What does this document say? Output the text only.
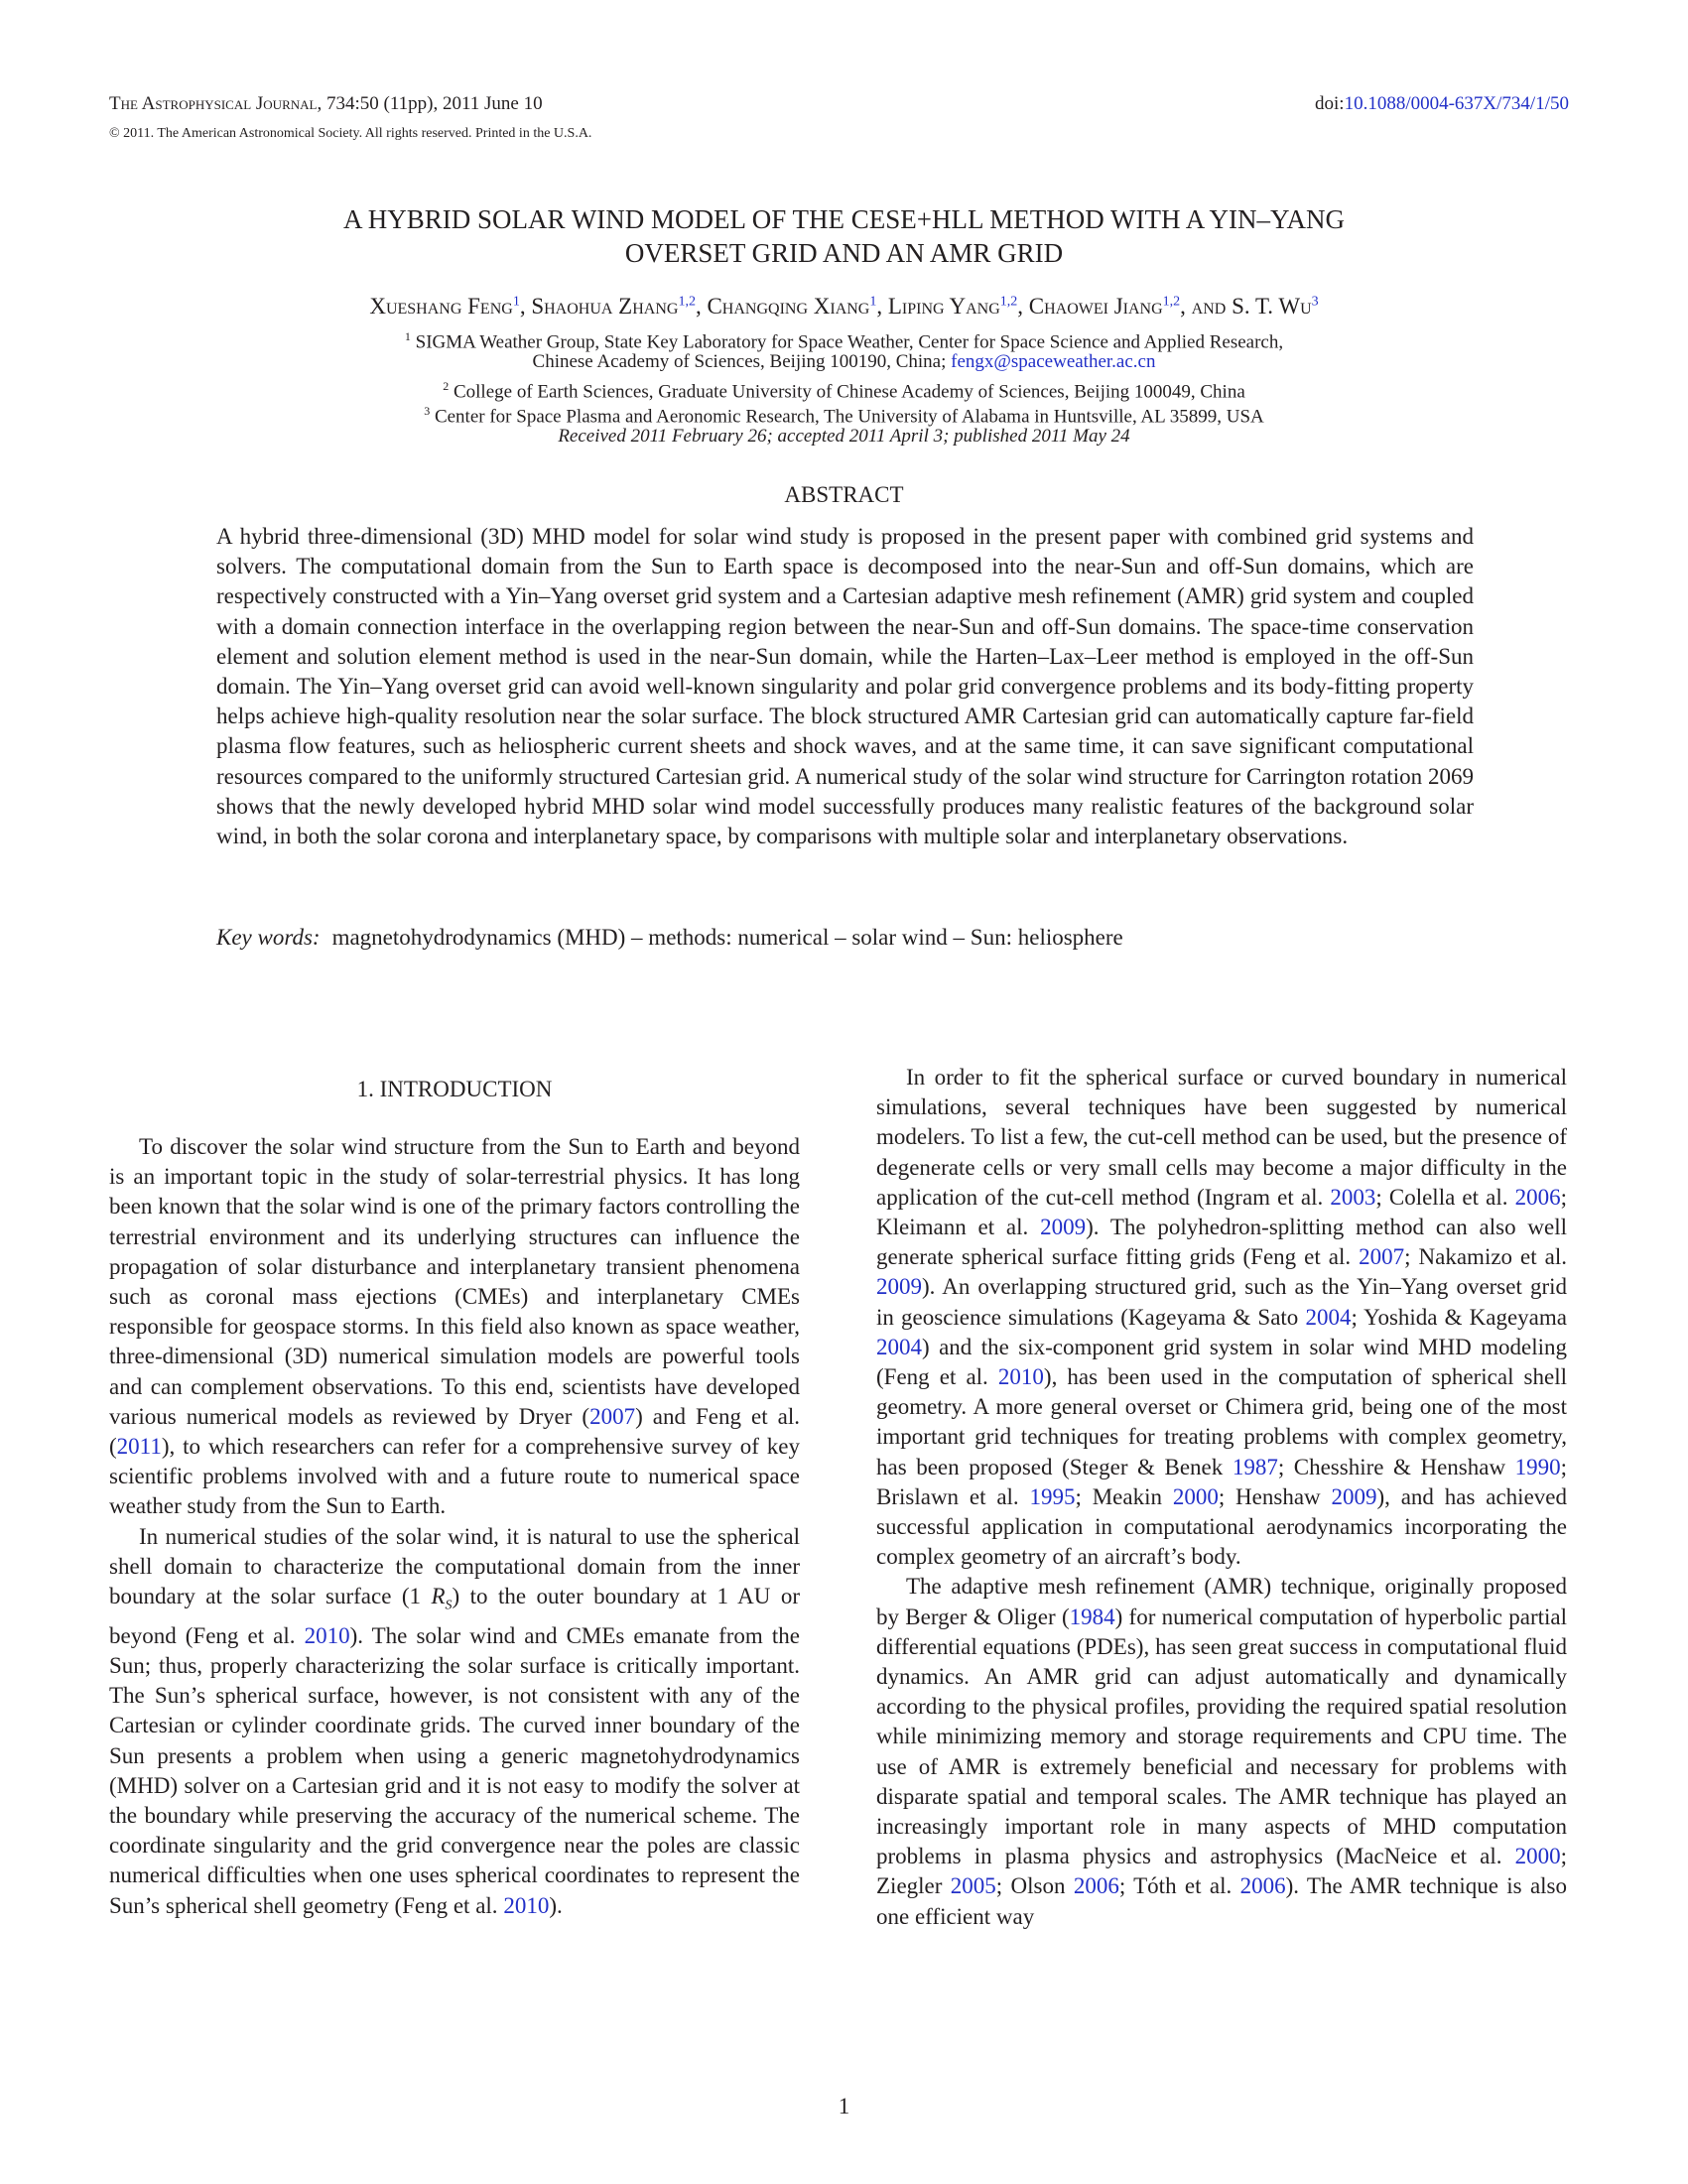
The Astrophysical Journal, 734:50 (11pp), 2011 June 10	doi:10.1088/0004-637X/734/1/50
© 2011. The American Astronomical Society. All rights reserved. Printed in the U.S.A.
A HYBRID SOLAR WIND MODEL OF THE CESE+HLL METHOD WITH A YIN–YANG
OVERSET GRID AND AN AMR GRID
Xueshang Feng$^1$, Shaohua Zhang$^{1,2}$, Changqing Xiang$^1$, Liping Yang$^{1,2}$, Chaowei Jiang$^{1,2}$, and S. T. Wu$^3$
$^1$ SIGMA Weather Group, State Key Laboratory for Space Weather, Center for Space Science and Applied Research,
Chinese Academy of Sciences, Beijing 100190, China; fengx@spaceweather.ac.cn
$^2$ College of Earth Sciences, Graduate University of Chinese Academy of Sciences, Beijing 100049, China
$^3$ Center for Space Plasma and Aeronomic Research, The University of Alabama in Huntsville, AL 35899, USA
Received 2011 February 26; accepted 2011 April 3; published 2011 May 24
ABSTRACT
A hybrid three-dimensional (3D) MHD model for solar wind study is proposed in the present paper with combined grid systems and solvers. The computational domain from the Sun to Earth space is decomposed into the near-Sun and off-Sun domains, which are respectively constructed with a Yin–Yang overset grid system and a Cartesian adaptive mesh refinement (AMR) grid system and coupled with a domain connection interface in the overlapping region between the near-Sun and off-Sun domains. The space-time conservation element and solution element method is used in the near-Sun domain, while the Harten–Lax–Leer method is employed in the off-Sun domain. The Yin–Yang overset grid can avoid well-known singularity and polar grid convergence problems and its body-fitting property helps achieve high-quality resolution near the solar surface. The block structured AMR Cartesian grid can automatically capture far-field plasma flow features, such as heliospheric current sheets and shock waves, and at the same time, it can save significant computational resources compared to the uniformly structured Cartesian grid. A numerical study of the solar wind structure for Carrington rotation 2069 shows that the newly developed hybrid MHD solar wind model successfully produces many realistic features of the background solar wind, in both the solar corona and interplanetary space, by comparisons with multiple solar and interplanetary observations.
Key words: magnetohydrodynamics (MHD) – methods: numerical – solar wind – Sun: heliosphere
1. INTRODUCTION

To discover the solar wind structure from the Sun to Earth and beyond is an important topic in the study of solar-terrestrial physics. It has long been known that the solar wind is one of the primary factors controlling the terrestrial environment and its underlying structures can influence the propagation of solar disturbance and interplanetary transient phenomena such as coronal mass ejections (CMEs) and interplanetary CMEs responsible for geospace storms. In this field also known as space weather, three-dimensional (3D) numerical simulation models are powerful tools and can complement observations. To this end, scientists have developed various numerical models as reviewed by Dryer (2007) and Feng et al. (2011), to which researchers can refer for a comprehensive survey of key scientific problems involved with and a future route to numerical space weather study from the Sun to Earth.

In numerical studies of the solar wind, it is natural to use the spherical shell domain to characterize the computational domain from the inner boundary at the solar surface (1 $R_S$) to the outer boundary at 1 AU or beyond (Feng et al. 2010). The solar wind and CMEs emanate from the Sun; thus, properly characterizing the solar surface is critically important. The Sun’s spherical surface, however, is not consistent with any of the Cartesian or cylinder coordinate grids. The curved inner boundary of the Sun presents a problem when using a generic magnetohydrodynamics (MHD) solver on a Cartesian grid and it is not easy to modify the solver at the boundary while preserving the accuracy of the numerical scheme. The coordinate singularity and the grid convergence near the poles are classic numerical difficulties when one uses spherical coordinates to represent the Sun’s spherical shell geometry (Feng et al. 2010).

In order to fit the spherical surface or curved boundary in numerical simulations, several techniques have been suggested by numerical modelers. To list a few, the cut-cell method can be used, but the presence of degenerate cells or very small cells may become a major difficulty in the application of the cut-cell method (Ingram et al. 2003; Colella et al. 2006; Kleimann et al. 2009). The polyhedron-splitting method can also well generate spherical surface fitting grids (Feng et al. 2007; Nakamizo et al. 2009). An overlapping structured grid, such as the Yin–Yang overset grid in geoscience simulations (Kageyama & Sato 2004; Yoshida & Kageyama 2004) and the six-component grid system in solar wind MHD modeling (Feng et al. 2010), has been used in the computation of spherical shell geometry. A more general overset or Chimera grid, being one of the most important grid techniques for treating problems with complex geometry, has been proposed (Steger & Benek 1987; Chesshire & Henshaw 1990; Brislawn et al. 1995; Meakin 2000; Henshaw 2009), and has achieved successful application in computational aerodynamics incorporating the complex geometry of an aircraft’s body.

The adaptive mesh refinement (AMR) technique, originally proposed by Berger & Oliger (1984) for numerical computation of hyperbolic partial differential equations (PDEs), has seen great success in computational fluid dynamics. An AMR grid can adjust automatically and dynamically according to the physical profiles, providing the required spatial resolution while minimizing memory and storage requirements and CPU time. The use of AMR is extremely beneficial and necessary for problems with disparate spatial and temporal scales. The AMR technique has played an increasingly important role in many aspects of MHD computation problems in plasma physics and astrophysics (MacNeice et al. 2000; Ziegler 2005; Olson 2006; Tóth et al. 2006). The AMR technique is also one efficient way

1
